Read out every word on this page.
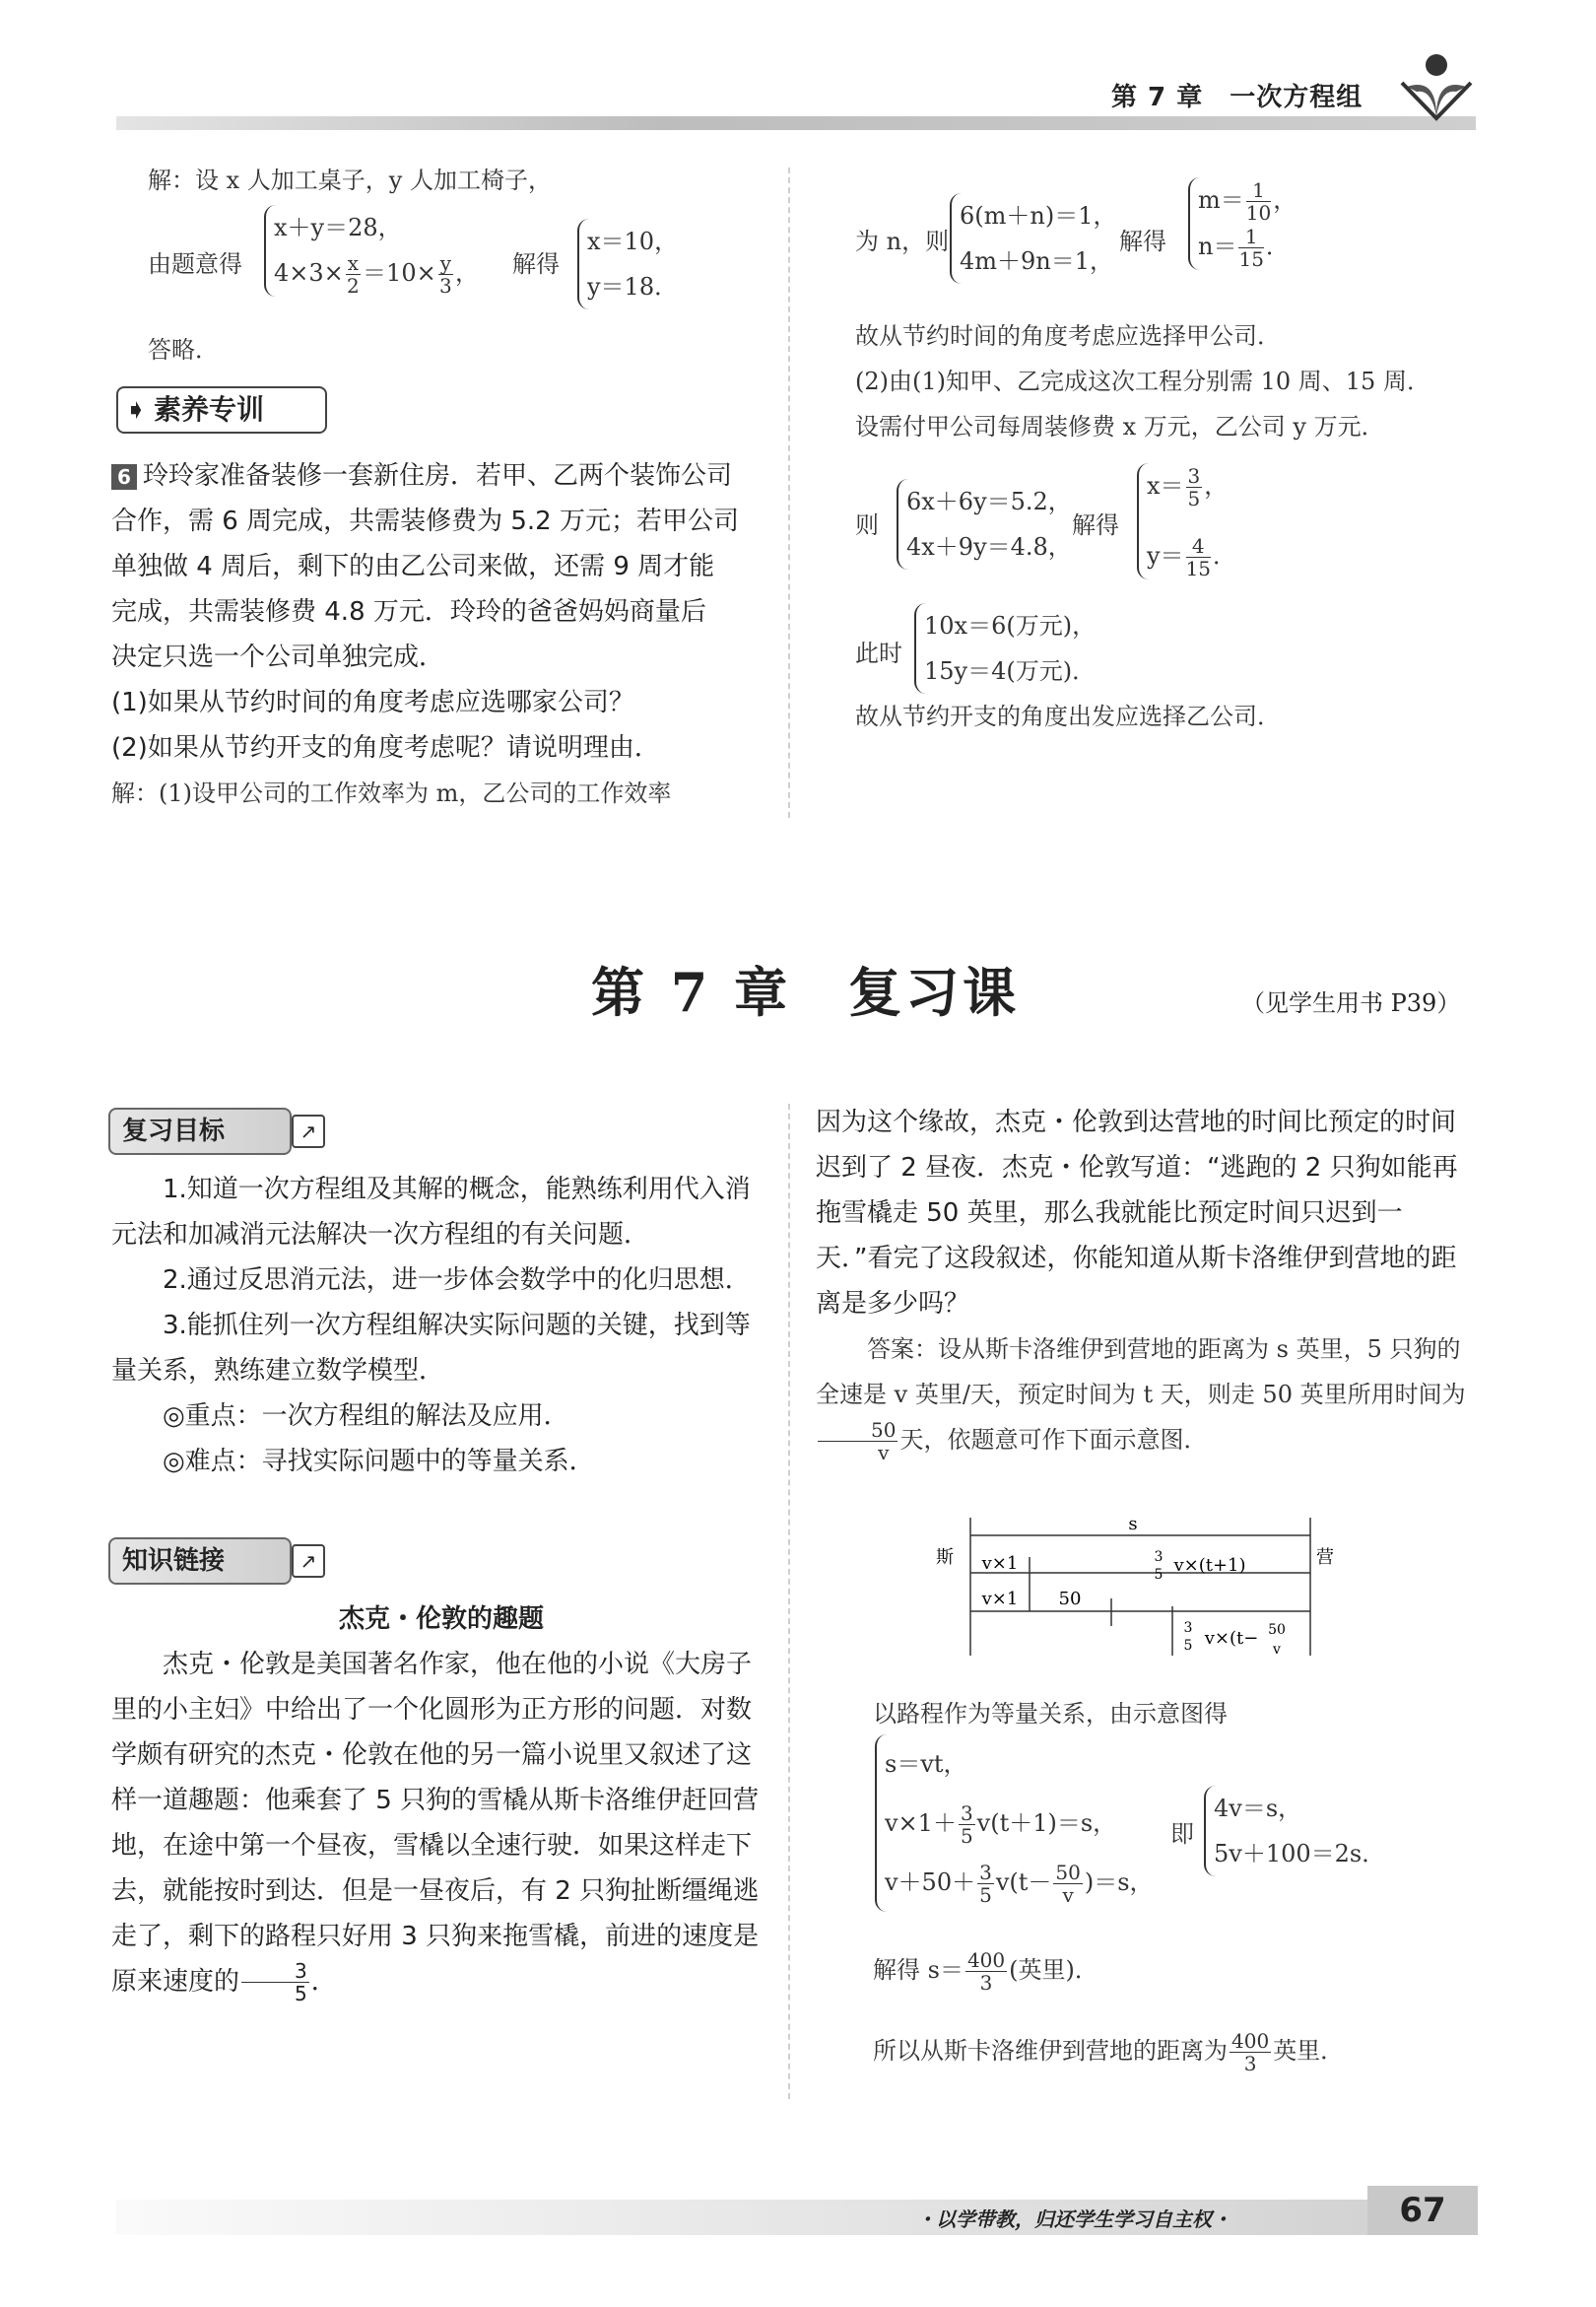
第 7 章　一次方程组
解：设 x 人加工桌子，y 人加工椅子，
由题意得
x＋y＝28，
$4\times 3\times \frac{x}{2} =10\times \frac{y}{3}$ ， 解得
x＝10，
y＝18．
答略．
➧ 素养专训
6 玲玲家准备装修一套新住房．若甲、乙两个装饰公司
合作，需 6 周完成，共需装修费为 5.2 万元；若甲公司
单独做 4 周后，剩下的由乙公司来做，还需 9 周才能
完成，共需装修费 4.8 万元．玲玲的爸爸妈妈商量后
决定只选一个公司单独完成．
(1)如果从节约时间的角度考虑应选哪家公司？
(2)如果从节约开支的角度考虑呢？请说明理由．
解：(1)设甲公司的工作效率为 m，乙公司的工作效率
为 n，则
6(m＋n)＝1，
4m＋9n＝1，
解得
$m= \frac{1}{10}$ ，
$n= \frac{1}{15}$ ．
故从节约时间的角度考虑应选择甲公司．
(2)由(1)知甲、乙完成这次工程分别需 10 周、15 周．
设需付甲公司每周装修费 x 万元，乙公司 y 万元．
则
6x＋6y＝5.2，
4x＋9y＝4.8，
解得
$x= \frac{3}{5}$ ，
$y= \frac{4}{15}$ ．
此时
10x＝6(万元)，
15y＝4(万元)．
故从节约开支的角度出发应选择乙公司．
第 7 章　复习课	（见学生用书 P39）
复习目标	↗
1.知道一次方程组及其解的概念，能熟练利用代入消元法和加减消元法解决一次方程组的有关问题．
2.通过反思消元法，进一步体会数学中的化归思想．
3.能抓住列一次方程组解决实际问题的关键，找到等量关系，熟练建立数学模型．
◎重点：一次方程组的解法及应用．
◎难点：寻找实际问题中的等量关系．
知识链接	↗
杰克・伦敦的趣题
杰克・伦敦是美国著名作家，他在他的小说《大房子里的小主妇》中给出了一个化圆形为正方形的问题．对数学颇有研究的杰克・伦敦在他的另一篇小说里又叙述了这样一道趣题：他乘套了 5 只狗的雪橇从斯卡洛维伊赶回营地，在途中第一个昼夜，雪橇以全速行驶．如果这样走下去，就能按时到达．但是一昼夜后，有 2 只狗扯断缰绳逃走了，剩下的路程只好用 3 只狗来拖雪橇，前进的速度是原来速度的 $\frac{3}{5}$ ．
因为这个缘故，杰克・伦敦到达营地的时间比预定的时间迟到了 2 昼夜．杰克・伦敦写道：“逃跑的 2 只狗如能再拖雪橇走 50 英里，那么我就能比预定时间只迟到一天．”看完了这段叙述，你能知道从斯卡洛维伊到营地的距离是多少吗？
答案：设从斯卡洛维伊到营地的距离为 s 英里，5 只狗的全速是 v 英里/天，预定时间为 t 天，则走 50 英里所用时间为
$\frac{50}{v}$ 天，依题意可作下面示意图．
s
斯	营
v×1	3
5 v×(t+1)
v×1 50
3
5 v×(t− 50
v
以路程作为等量关系，由示意图得
s＝vt，
$v\times 1+ \frac{3}{5} v(t+1)=s$，
$v+50+ \frac{3}{5} v(t- \frac{50}{v} )=s$，
即
4v＝s，
5v＋100＝2s．
解得 $s= \frac{400}{3}$ (英里)．
所以从斯卡洛维伊到营地的距离为 $\frac{400}{3}$ 英里．
・以学带教，归还学生学习自主权・	67
